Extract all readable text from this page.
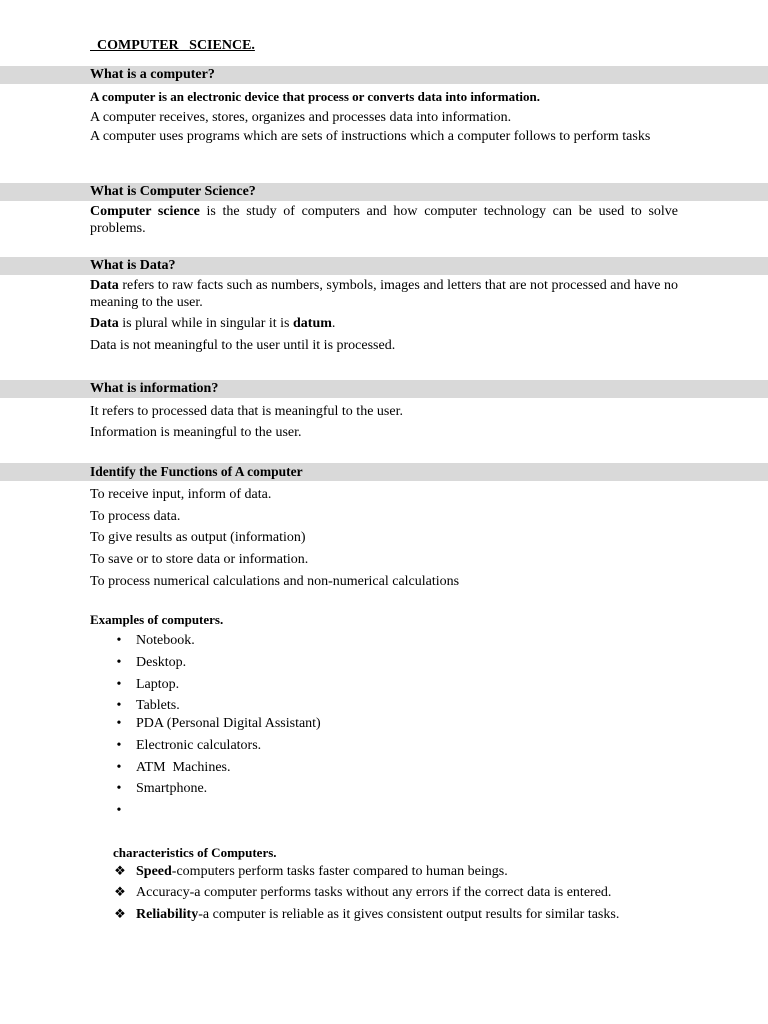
COMPUTER   SCIENCE.
What is a computer?
A computer is an electronic device that process or converts data into information.
A computer receives, stores, organizes and processes data into information.
A computer uses programs which are sets of instructions which a computer follows to perform tasks
What is Computer Science?
Computer science is the study of computers and how computer technology can be used to solve problems.
What is Data?
Data refers to raw facts such as numbers, symbols, images and letters that are not processed and have no meaning to the user.
Data is plural while in singular it is datum.
Data is not meaningful to the user until it is processed.
What is information?
It refers to processed data that is meaningful to the user.
Information is meaningful to the user.
Identify the Functions of A computer
To receive input, inform of data.
To process data.
To give results as output (information)
To save or to store data or information.
To process numerical calculations and non-numerical calculations
Examples of computers.
•	Notebook.
•	Desktop.
•	Laptop.
•	Tablets.
•	PDA (Personal Digital Assistant)
•	Electronic calculators.
•	ATM  Machines.
•	Smartphone.
•
characteristics of Computers.
❖ Speed-computers perform tasks faster compared to human beings.
❖ Accuracy-a computer performs tasks without any errors if the correct data is entered.
❖ Reliability-a computer is reliable as it gives consistent output results for similar tasks.
